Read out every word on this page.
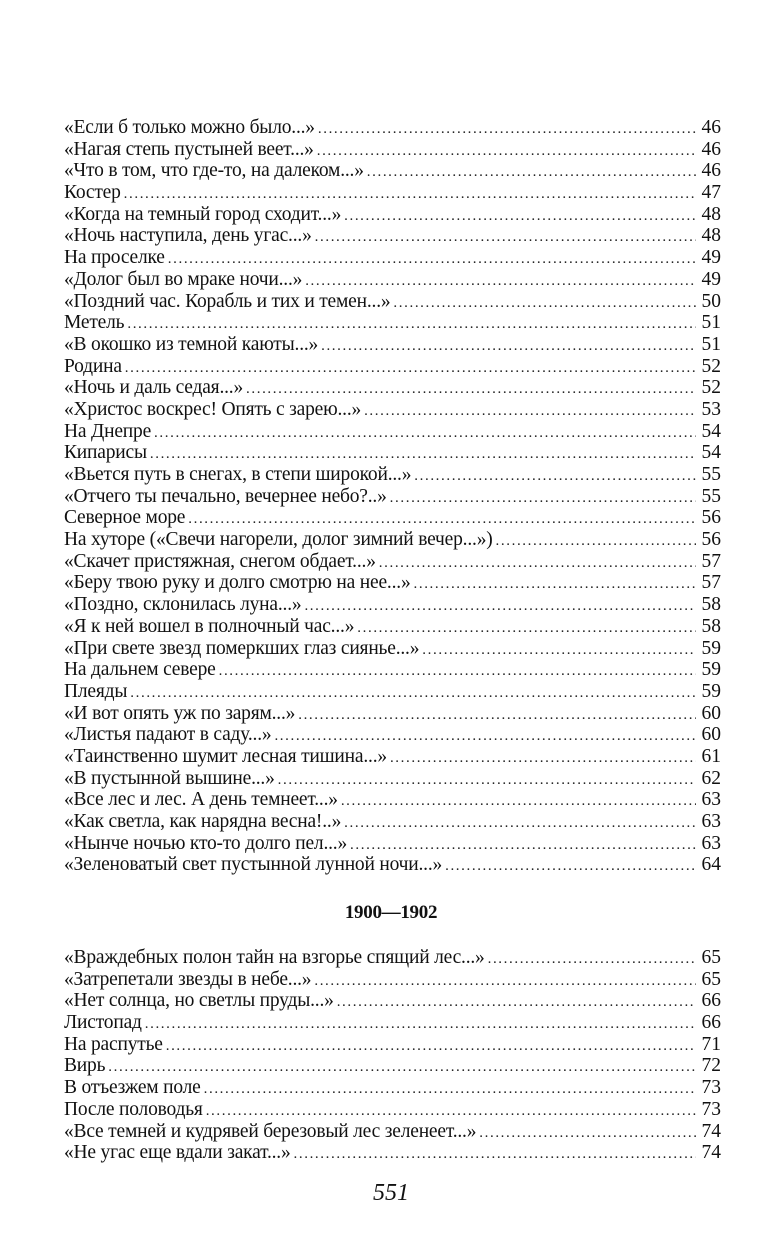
«Если б только можно было...» .....	46
«Нагая степь пустыней веет...» .....	46
«Что в том, что где-то, на далеком...» .....	46
Костер .....	47
«Когда на темный город сходит...» .....	48
«Ночь наступила, день угас...» .....	48
На проселке .....	49
«Долог был во мраке ночи...» .....	49
«Поздний час. Корабль и тих и темен...» .....	50
Метель .....	51
«В окошко из темной каюты...» .....	51
Родина .....	52
«Ночь и даль седая...» .....	52
«Христос воскрес! Опять с зарею...» .....	53
На Днепре .....	54
Кипарисы .....	54
«Вьется путь в снегах, в степи широкой...» .....	55
«Отчего ты печально, вечернее небо?..» .....	55
Северное море .....	56
На хуторе («Свечи нагорели, долог зимний вечер...») .....	56
«Скачет пристяжная, снегом обдает...» .....	57
«Беру твою руку и долго смотрю на нее...» .....	57
«Поздно, склонилась луна...» .....	58
«Я к ней вошел в полночный час...» .....	58
«При свете звезд померкших глаз сиянье...» .....	59
На дальнем севере .....	59
Плеяды .....	59
«И вот опять уж по зарям...» .....	60
«Листья падают в саду...» .....	60
«Таинственно шумит лесная тишина...» .....	61
«В пустынной вышине...» .....	62
«Все лес и лес. А день темнеет...» .....	63
«Как светла, как нарядна весна!..» .....	63
«Нынче ночью кто-то долго пел...» .....	63
«Зеленоватый свет пустынной лунной ночи...» .....	64
1900—1902
«Враждебных полон тайн на взгорье спящий лес...» .....	65
«Затрепетали звезды в небе...» .....	65
«Нет солнца, но светлы пруды...» .....	66
Листопад .....	66
На распутье .....	71
Вирь .....	72
В отъезжем поле .....	73
После половодья .....	73
«Все темней и кудрявей березовый лес зеленеет...» .....	74
«Не угас еще вдали закат...» .....	74
551
